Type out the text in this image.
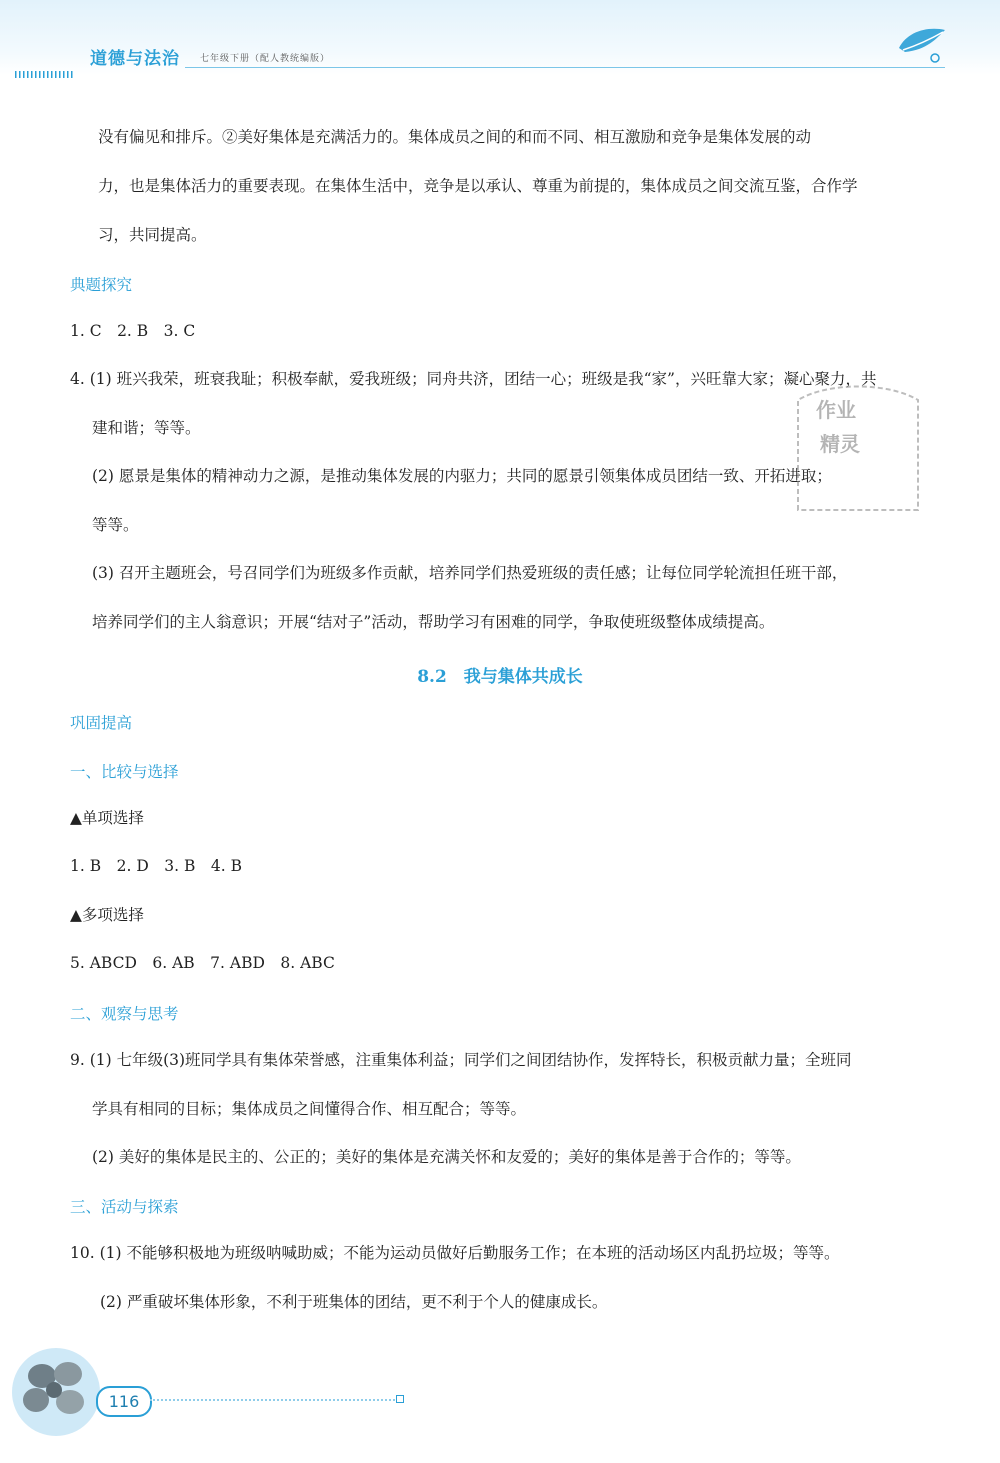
道德与法治 七年级下册（配人教统编版）
没有偏见和排斥。②美好集体是充满活力的。集体成员之间的和而不同、相互激励和竞争是集体发展的动
力，也是集体活力的重要表现。在集体生活中，竞争是以承认、尊重为前提的，集体成员之间交流互鉴，合作学
习，共同提高。
典题探究
1. C　2. B　3. C
4. (1) 班兴我荣，班衰我耻；积极奉献，爱我班级；同舟共济，团结一心；班级是我“家”，兴旺靠大家；凝心聚力，共
建和谐；等等。
(2) 愿景是集体的精神动力之源，是推动集体发展的内驱力；共同的愿景引领集体成员团结一致、开拓进取；
等等。
(3) 召开主题班会，号召同学们为班级多作贡献，培养同学们热爱班级的责任感；让每位同学轮流担任班干部，
培养同学们的主人翁意识；开展“结对子”活动，帮助学习有困难的同学，争取使班级整体成绩提高。
作业
精灵
8.2　我与集体共成长
巩固提高
一、比较与选择
▲单项选择
1. B　2. D　3. B　4. B
▲多项选择
5. ABCD　6. AB　7. ABD　8. ABC
二、观察与思考
9. (1) 七年级(3)班同学具有集体荣誉感，注重集体利益；同学们之间团结协作，发挥特长，积极贡献力量；全班同
学具有相同的目标；集体成员之间懂得合作、相互配合；等等。
(2) 美好的集体是民主的、公正的；美好的集体是充满关怀和友爱的；美好的集体是善于合作的；等等。
三、活动与探索
10. (1) 不能够积极地为班级呐喊助威；不能为运动员做好后勤服务工作；在本班的活动场区内乱扔垃圾；等等。
(2) 严重破坏集体形象，不利于班集体的团结，更不利于个人的健康成长。
116
